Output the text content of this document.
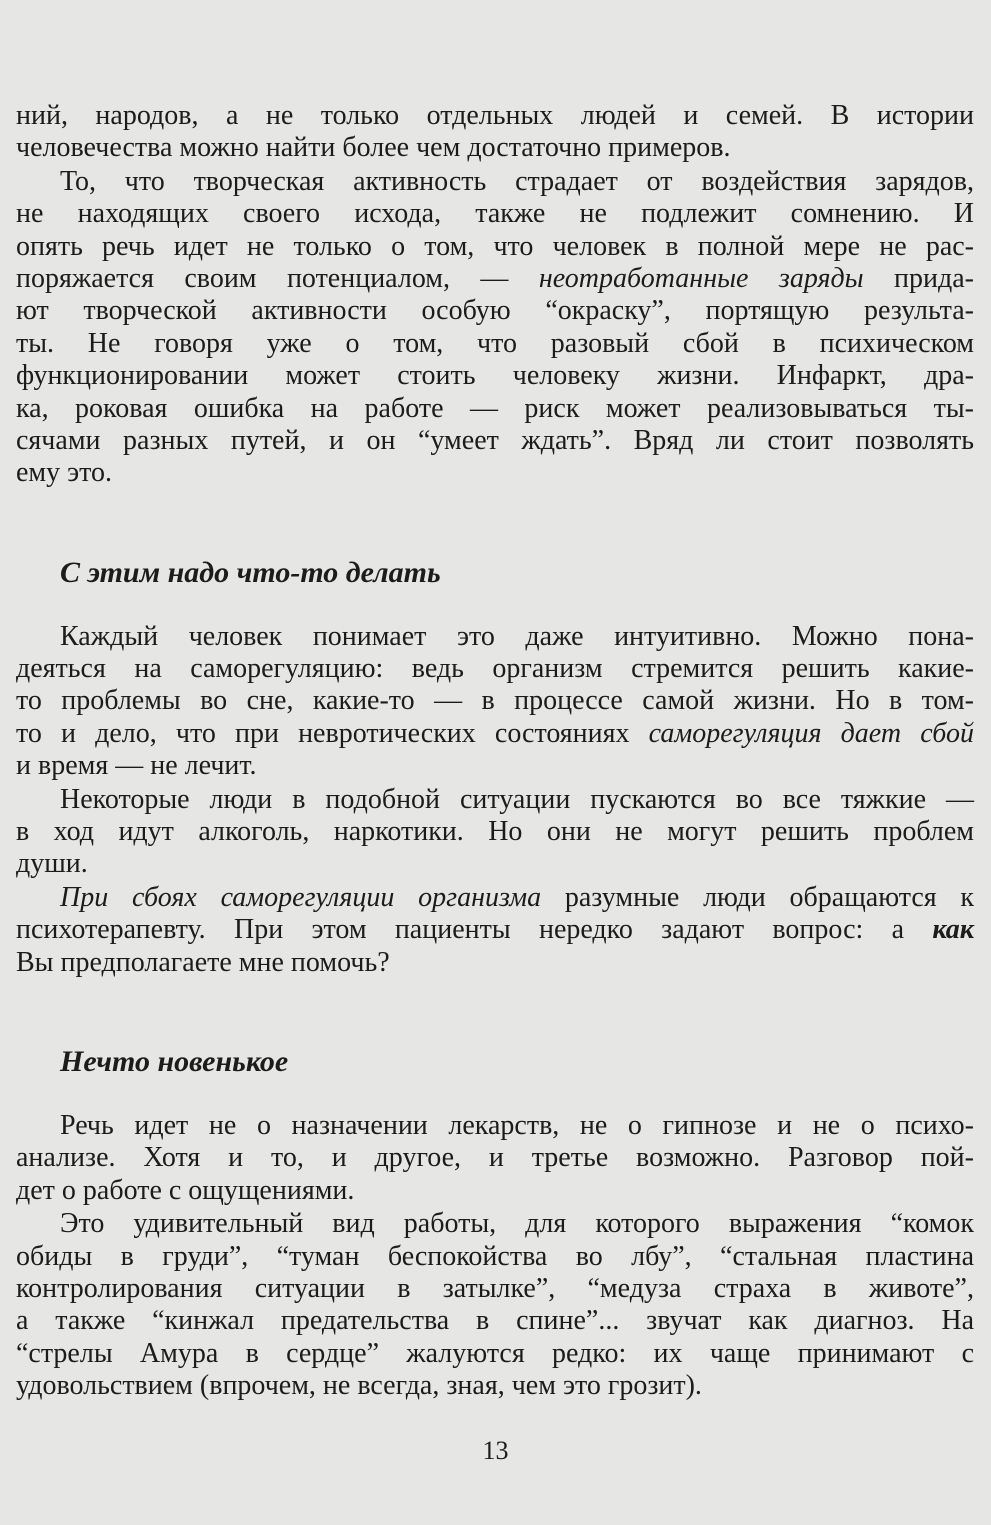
ний, народов, а не только отдельных людей и семей. В истории
человечества можно найти более чем достаточно примеров.
То, что творческая активность страдает от воздействия зарядов,
не находящих своего исхода, также не подлежит сомнению. И
опять речь идет не только о том, что человек в полной мере не рас-
поряжается своим потенциалом, — неотработанные заряды прида-
ют творческой активности особую “окраску”, портящую результа-
ты. Не говоря уже о том, что разовый сбой в психическом
функционировании может стоить человеку жизни. Инфаркт, дра-
ка, роковая ошибка на работе — риск может реализовываться ты-
сячами разных путей, и он “умеет ждать”. Вряд ли стоит позволять
ему это.
С этим надо что-то делать
Каждый человек понимает это даже интуитивно. Можно пона-
деяться на саморегуляцию: ведь организм стремится решить какие-
то проблемы во сне, какие-то — в процессе самой жизни. Но в том-
то и дело, что при невротических состояниях саморегуляция дает сбой
и время — не лечит.
Некоторые люди в подобной ситуации пускаются во все тяжкие —
в ход идут алкоголь, наркотики. Но они не могут решить проблем
души.
При сбоях саморегуляции организма разумные люди обращаются к
психотерапевту. При этом пациенты нередко задают вопрос: а как
Вы предполагаете мне помочь?
Нечто новенькое
Речь идет не о назначении лекарств, не о гипнозе и не о психо-
анализе. Хотя и то, и другое, и третье возможно. Разговор пой-
дет о работе с ощущениями.
Это удивительный вид работы, для которого выражения “комок
обиды в груди”, “туман беспокойства во лбу”, “стальная пластина
контролирования ситуации в затылке”, “медуза страха в животе”,
а также “кинжал предательства в спине”... звучат как диагноз. На
“стрелы Амура в сердце” жалуются редко: их чаще принимают с
удовольствием (впрочем, не всегда, зная, чем это грозит).
13
